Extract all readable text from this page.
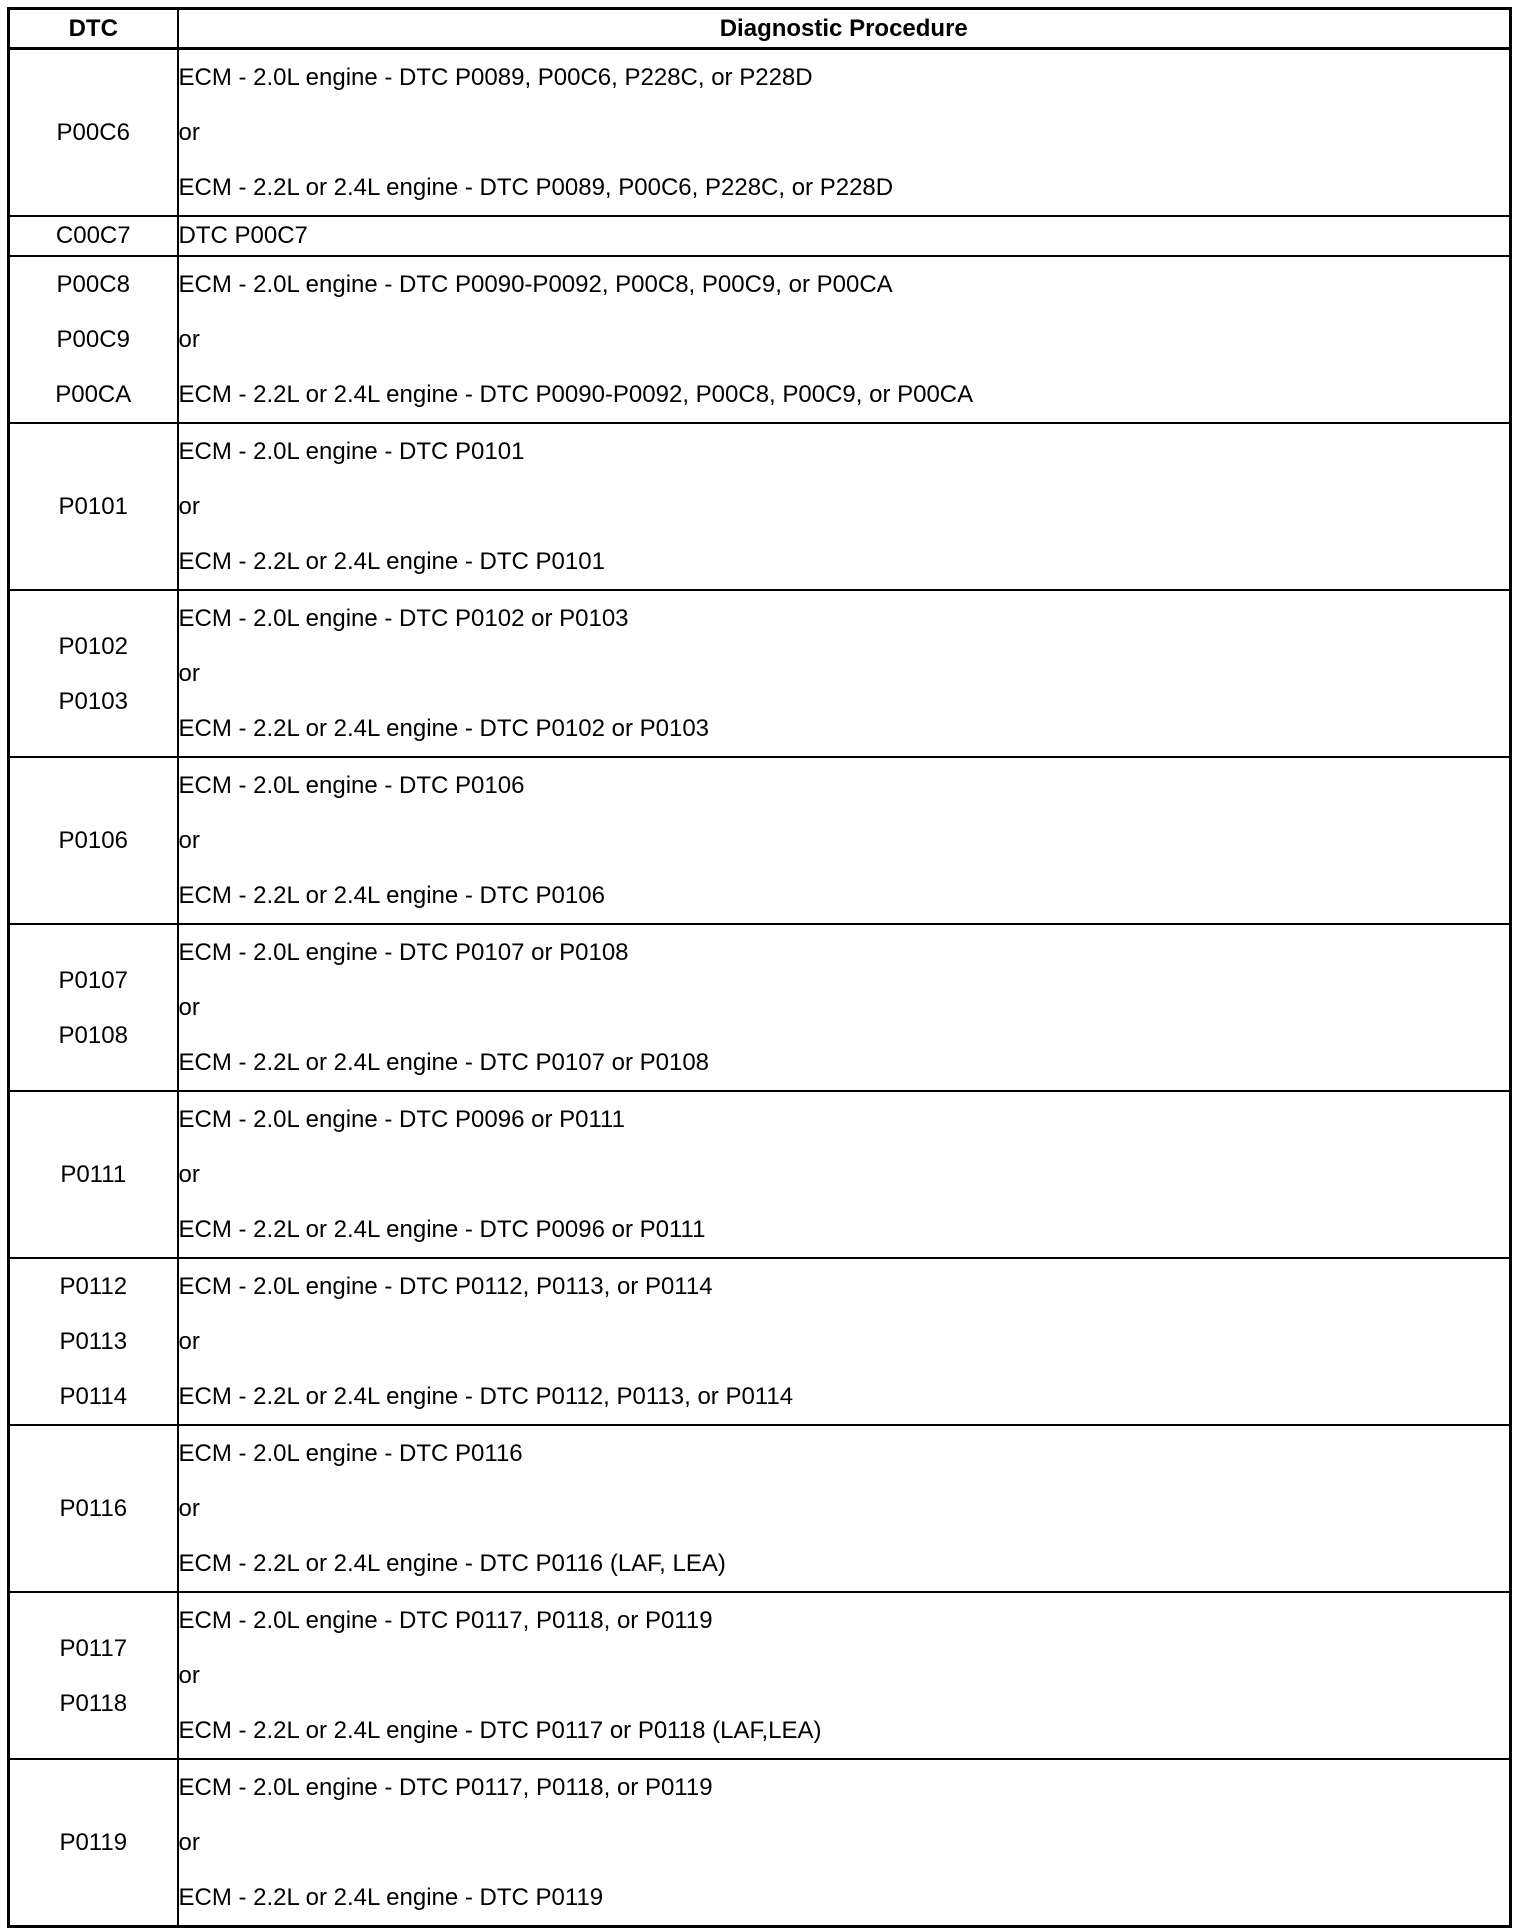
DTC	Diagnostic Procedure

P00C6	ECM - 2.0L engine - DTC P0089, P00C6, P228C, or P228D
or
ECM - 2.2L or 2.4L engine - DTC P0089, P00C6, P228C, or P228D

C00C7	DTC P00C7

P00C8
P00C9
P00CA	ECM - 2.0L engine - DTC P0090-P0092, P00C8, P00C9, or P00CA
or
ECM - 2.2L or 2.4L engine - DTC P0090-P0092, P00C8, P00C9, or P00CA

P0101	ECM - 2.0L engine - DTC P0101
or
ECM - 2.2L or 2.4L engine - DTC P0101

P0102
P0103	ECM - 2.0L engine - DTC P0102 or P0103
or
ECM - 2.2L or 2.4L engine - DTC P0102 or P0103

P0106	ECM - 2.0L engine - DTC P0106
or
ECM - 2.2L or 2.4L engine - DTC P0106

P0107
P0108	ECM - 2.0L engine - DTC P0107 or P0108
or
ECM - 2.2L or 2.4L engine - DTC P0107 or P0108

P0111	ECM - 2.0L engine - DTC P0096 or P0111
or
ECM - 2.2L or 2.4L engine - DTC P0096 or P0111

P0112
P0113
P0114	ECM - 2.0L engine - DTC P0112, P0113, or P0114
or
ECM - 2.2L or 2.4L engine - DTC P0112, P0113, or P0114

P0116	ECM - 2.0L engine - DTC P0116
or
ECM - 2.2L or 2.4L engine - DTC P0116 (LAF, LEA)

P0117
P0118	ECM - 2.0L engine - DTC P0117, P0118, or P0119
or
ECM - 2.2L or 2.4L engine - DTC P0117 or P0118 (LAF,LEA)

P0119	ECM - 2.0L engine - DTC P0117, P0118, or P0119
or
ECM - 2.2L or 2.4L engine - DTC P0119
